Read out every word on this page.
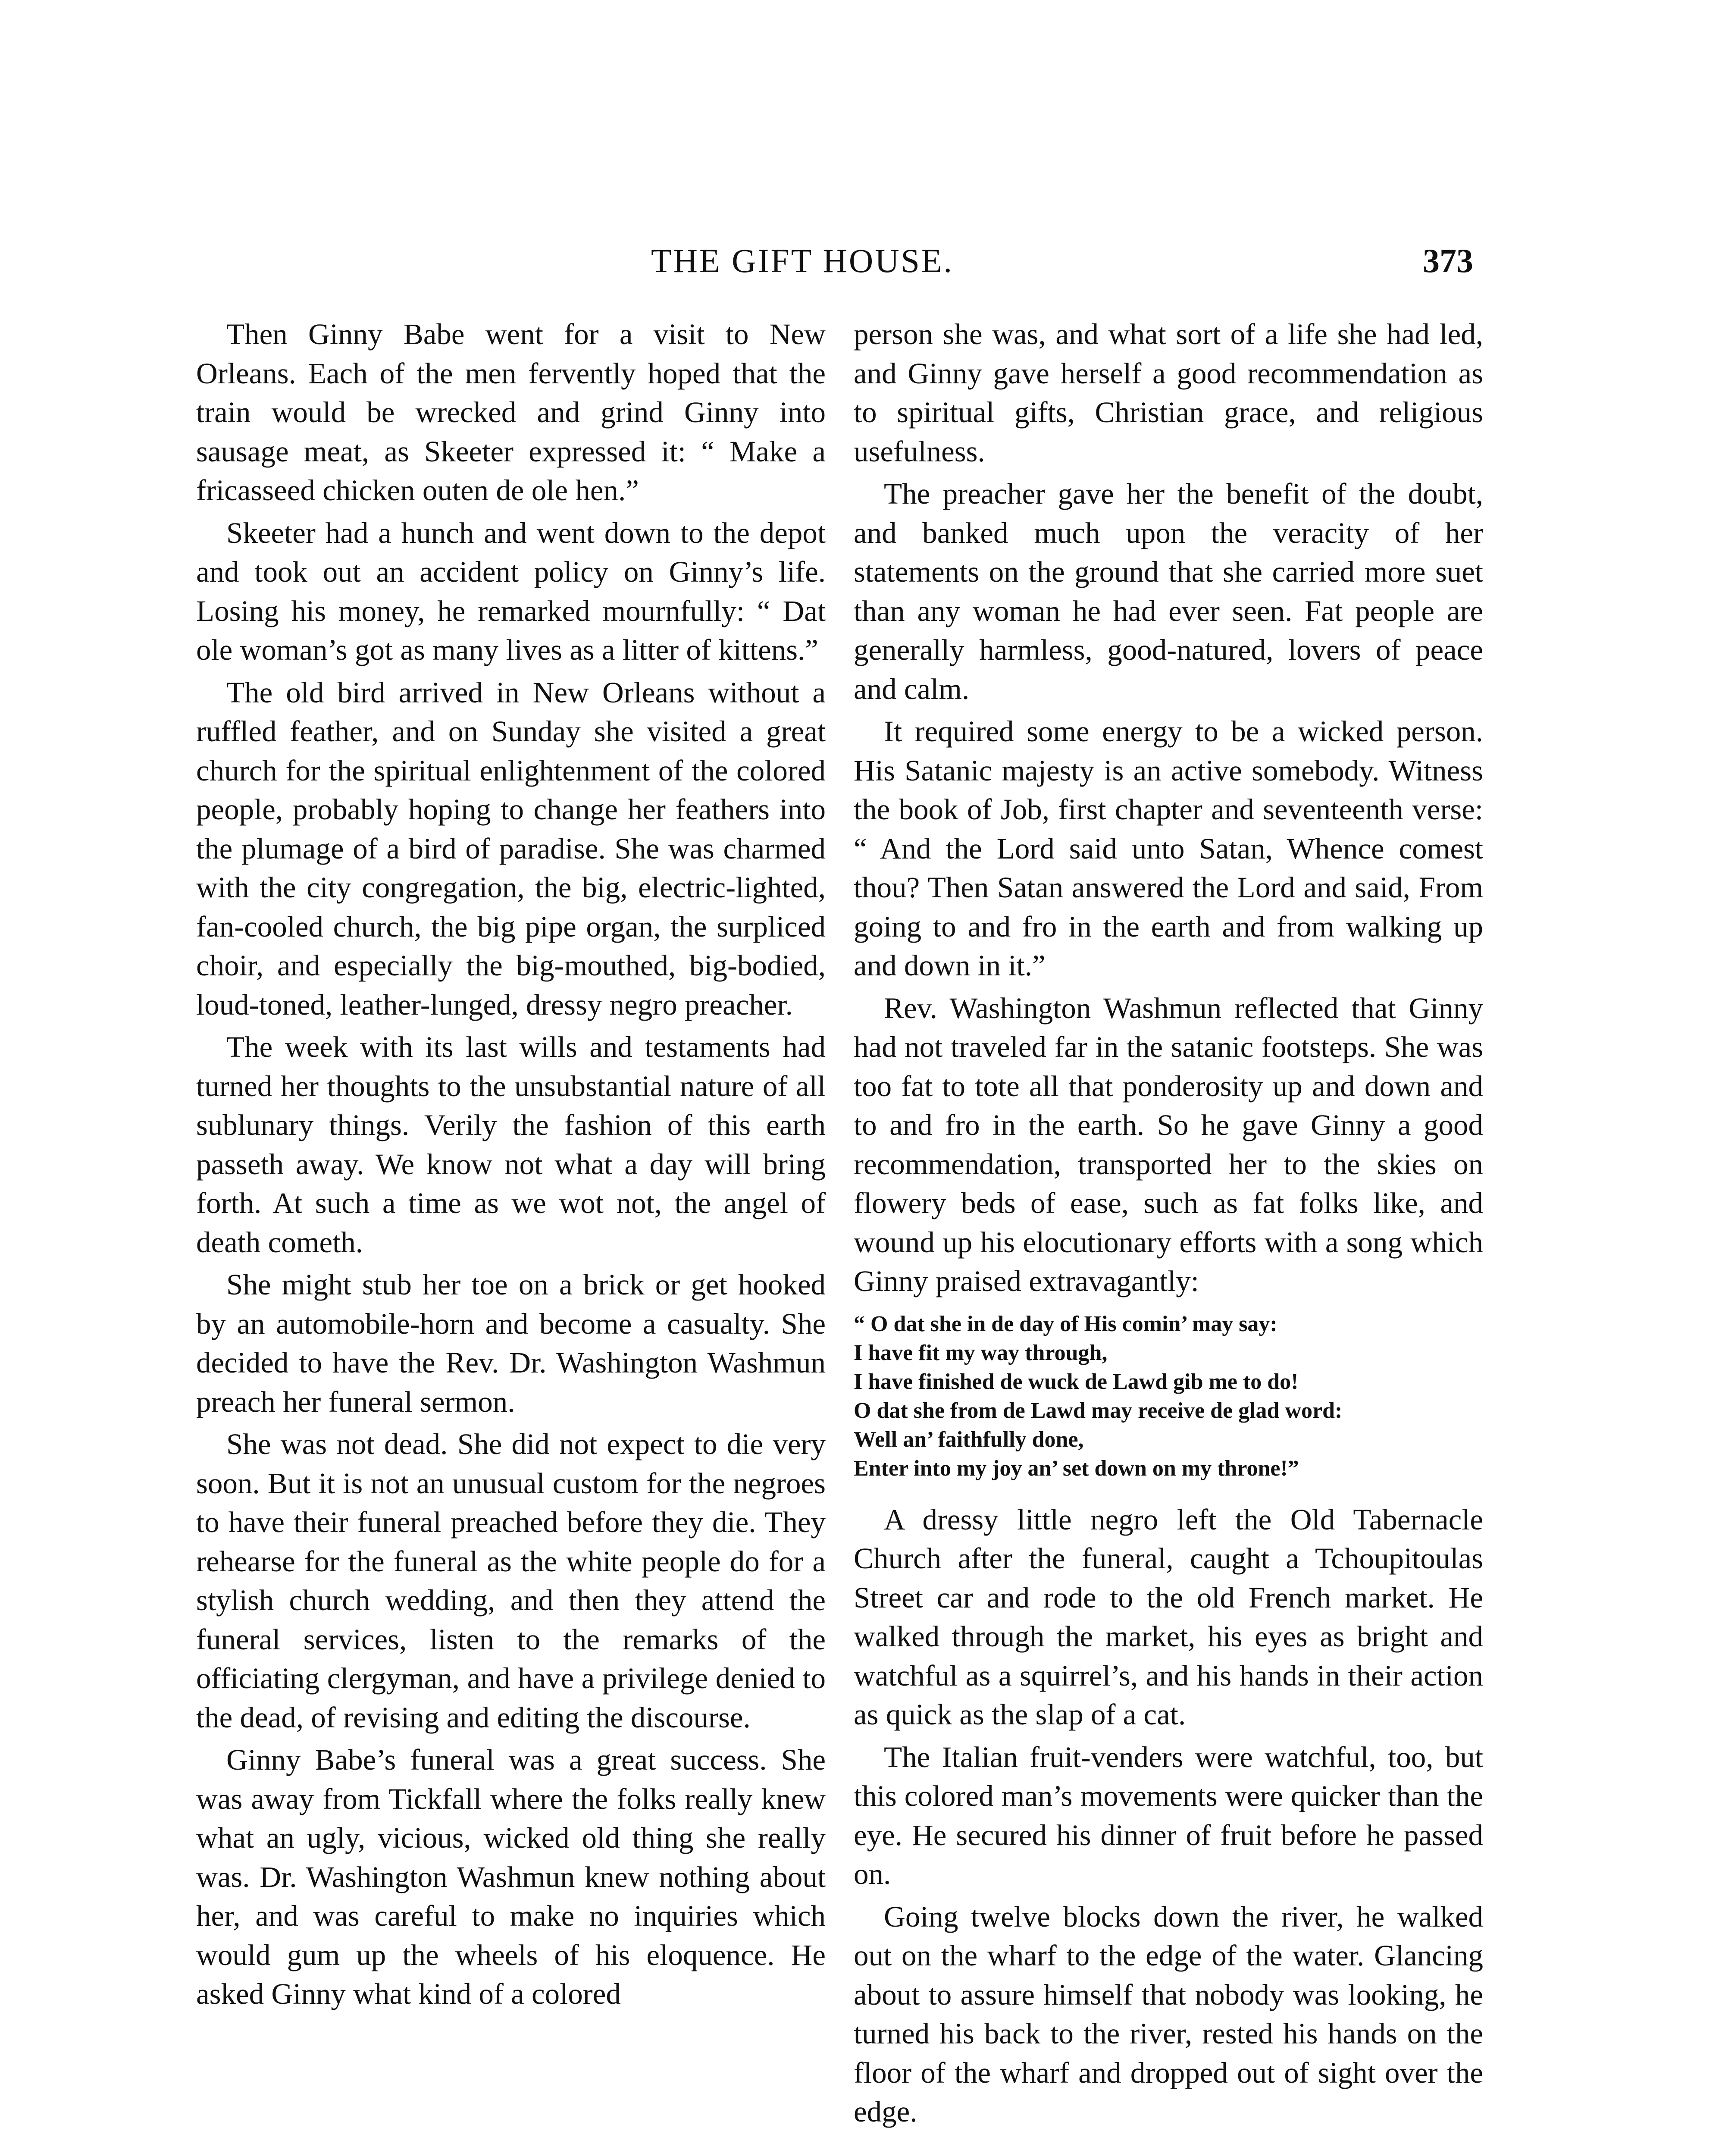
THE GIFT HOUSE.	373

Then Ginny Babe went for a visit to New Orleans. Each of the men fervently hoped that the train would be wrecked and grind Ginny into sausage meat, as Skeeter expressed it: “ Make a fricasseed chicken outen de ole hen.”

Skeeter had a hunch and went down to the depot and took out an accident policy on Ginny’s life. Losing his money, he remarked mournfully: “ Dat ole woman’s got as many lives as a litter of kittens.”

The old bird arrived in New Orleans without a ruffled feather, and on Sunday she visited a great church for the spiritual enlightenment of the colored people, probably hoping to change her feathers into the plumage of a bird of paradise. She was charmed with the city congregation, the big, electric-lighted, fan-cooled church, the big pipe organ, the surpliced choir, and especially the big-mouthed, big-bodied, loud-toned, leather-lunged, dressy negro preacher.

The week with its last wills and testaments had turned her thoughts to the unsubstantial nature of all sublunary things. Verily the fashion of this earth passeth away. We know not what a day will bring forth. At such a time as we wot not, the angel of death cometh.

She might stub her toe on a brick or get hooked by an automobile-horn and become a casualty. She decided to have the Rev. Dr. Washington Washmun preach her funeral sermon.

She was not dead. She did not expect to die very soon. But it is not an unusual custom for the negroes to have their funeral preached before they die. They rehearse for the funeral as the white people do for a stylish church wedding, and then they attend the funeral services, listen to the remarks of the officiating clergyman, and have a privilege denied to the dead, of revising and editing the discourse.

Ginny Babe’s funeral was a great success. She was away from Tickfall where the folks really knew what an ugly, vicious, wicked old thing she really was. Dr. Washington Washmun knew nothing about her, and was careful to make no inquiries which would gum up the wheels of his eloquence. He asked Ginny what kind of a colored

person she was, and what sort of a life she had led, and Ginny gave herself a good recommendation as to spiritual gifts, Christian grace, and religious usefulness.

The preacher gave her the benefit of the doubt, and banked much upon the veracity of her statements on the ground that she carried more suet than any woman he had ever seen. Fat people are generally harmless, good-natured, lovers of peace and calm.

It required some energy to be a wicked person. His Satanic majesty is an active somebody. Witness the book of Job, first chapter and seventeenth verse: “ And the Lord said unto Satan, Whence comest thou? Then Satan answered the Lord and said, From going to and fro in the earth and from walking up and down in it.”

Rev. Washington Washmun reflected that Ginny had not traveled far in the satanic footsteps. She was too fat to tote all that ponderosity up and down and to and fro in the earth. So he gave Ginny a good recommendation, transported her to the skies on flowery beds of ease, such as fat folks like, and wound up his elocutionary efforts with a song which Ginny praised extravagantly:

“ O dat she in de day of His comin’ may say:
I have fit my way through,
I have finished de wuck de Lawd gib me to do!
O dat she from de Lawd may receive de glad word:
Well an’ faithfully done,
Enter into my joy an’ set down on my throne!”

A dressy little negro left the Old Tabernacle Church after the funeral, caught a Tchoupitoulas Street car and rode to the old French market. He walked through the market, his eyes as bright and watchful as a squirrel’s, and his hands in their action as quick as the slap of a cat.

The Italian fruit-venders were watchful, too, but this colored man’s movements were quicker than the eye. He secured his dinner of fruit before he passed on.

Going twelve blocks down the river, he walked out on the wharf to the edge of the water. Glancing about to assure himself that nobody was looking, he turned his back to the river, rested his hands on the floor of the wharf and dropped out of sight over the edge.
